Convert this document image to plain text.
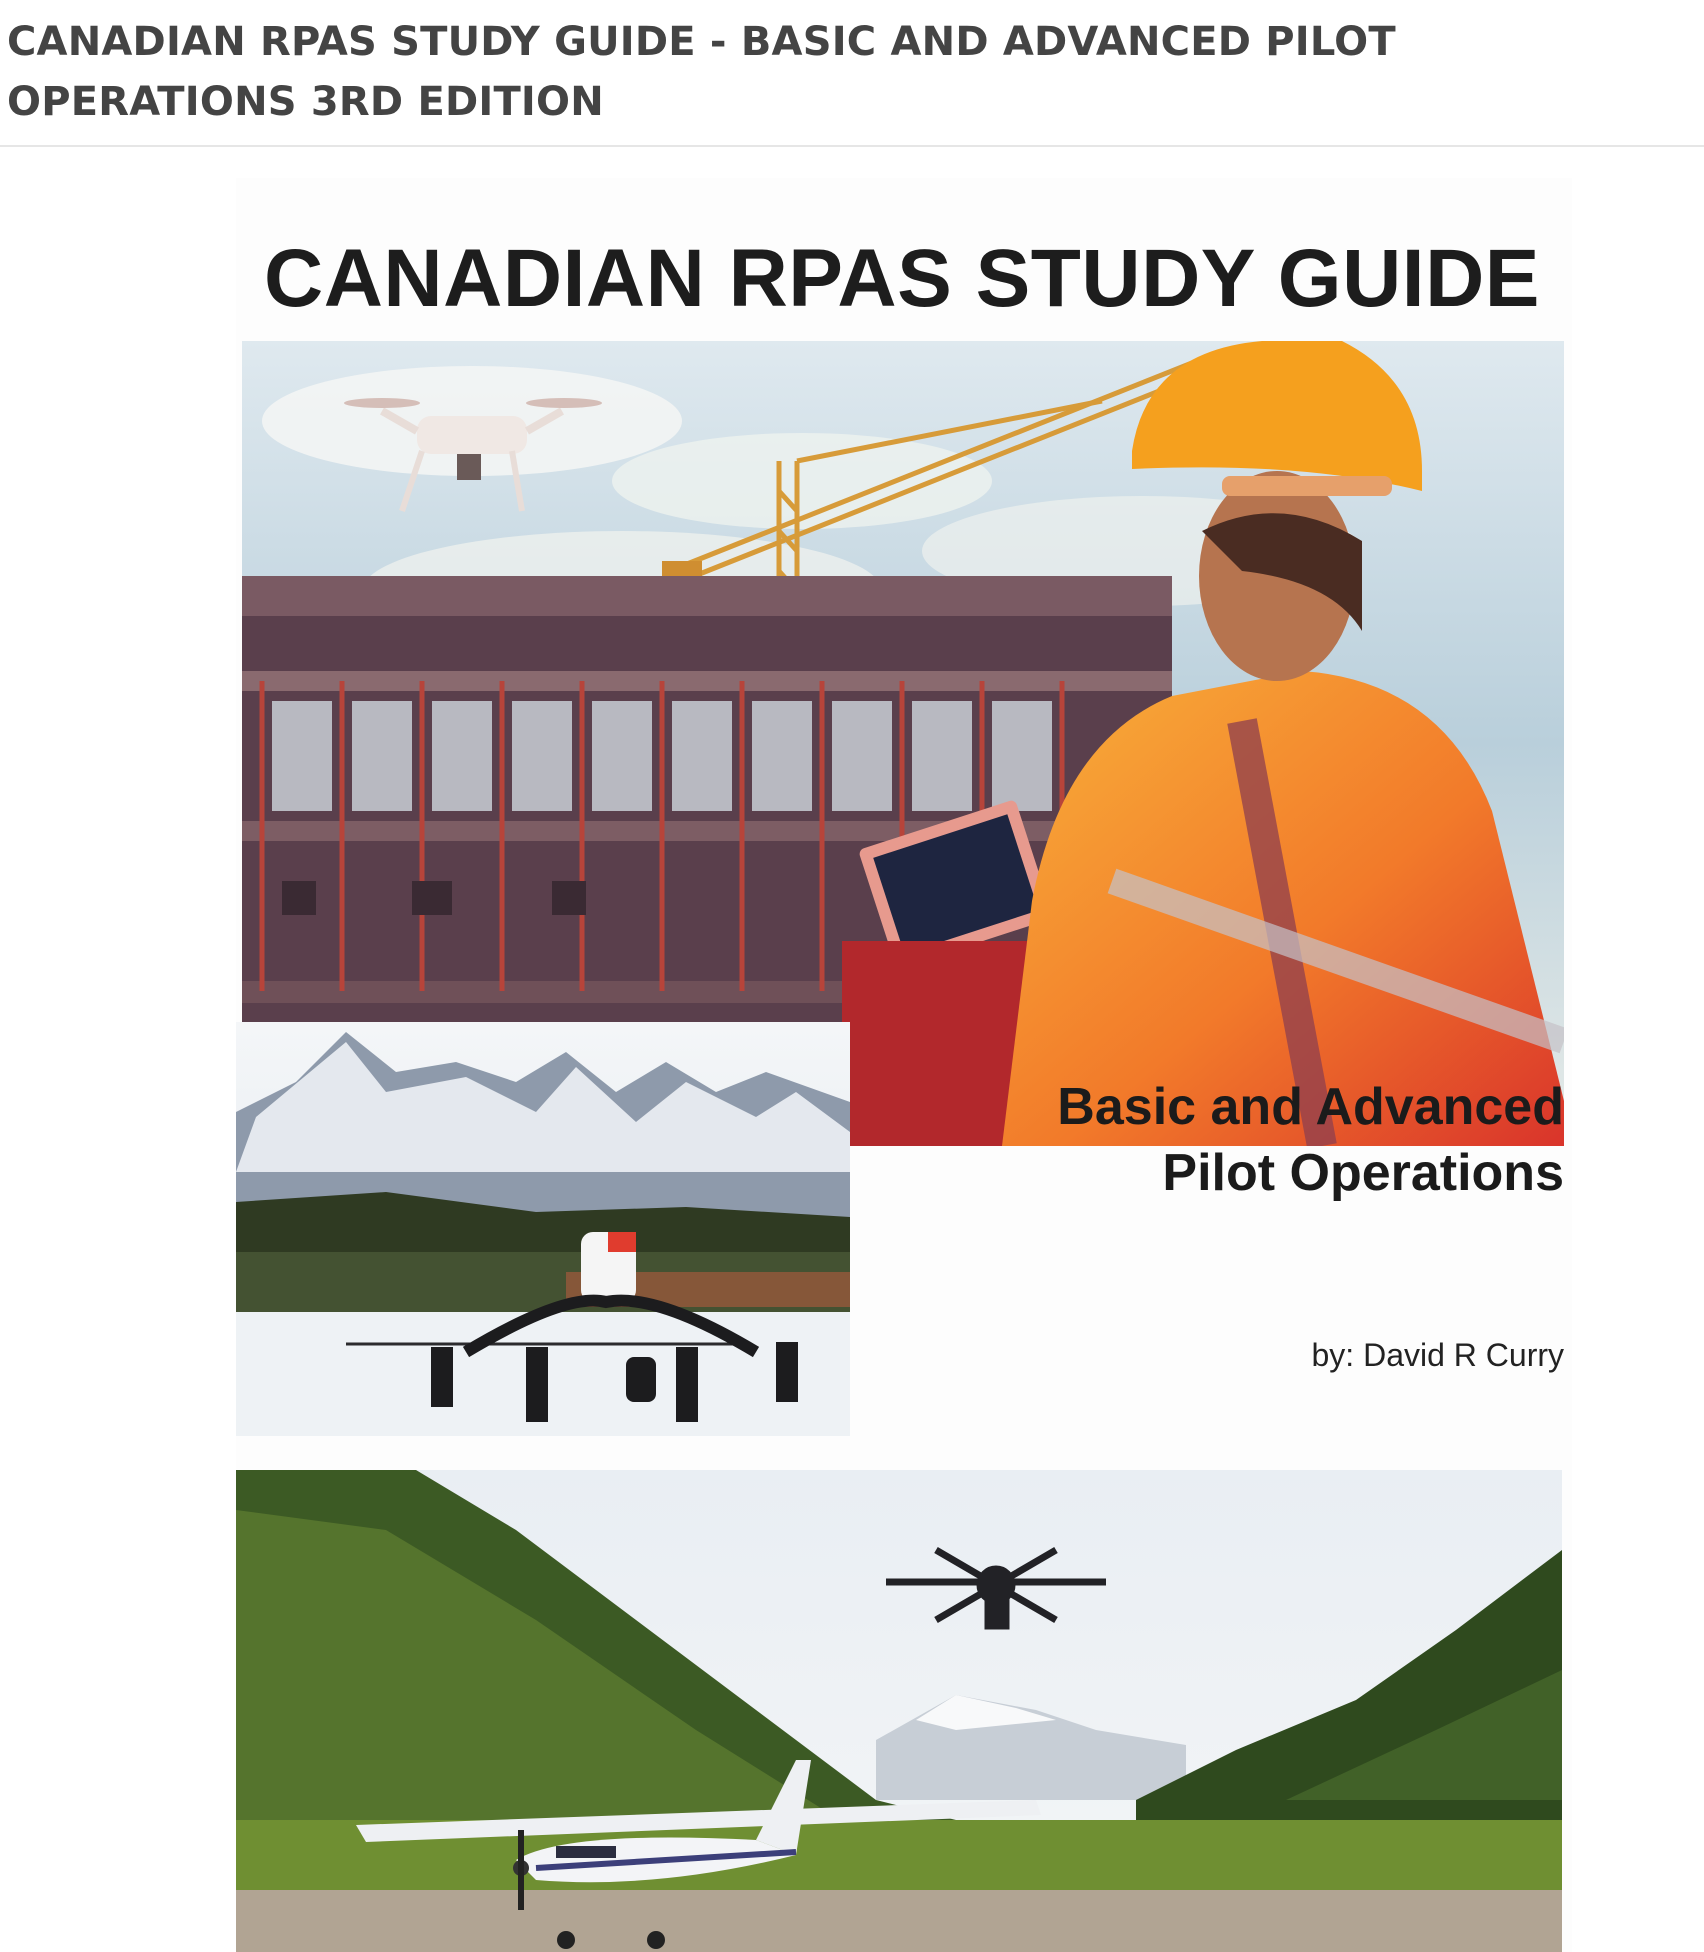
CANADIAN RPAS STUDY GUIDE - BASIC AND ADVANCED PILOT OPERATIONS 3RD EDITION
CANADIAN RPAS STUDY GUIDE

Basic and Advanced
Pilot Operations

by: David R Curry
